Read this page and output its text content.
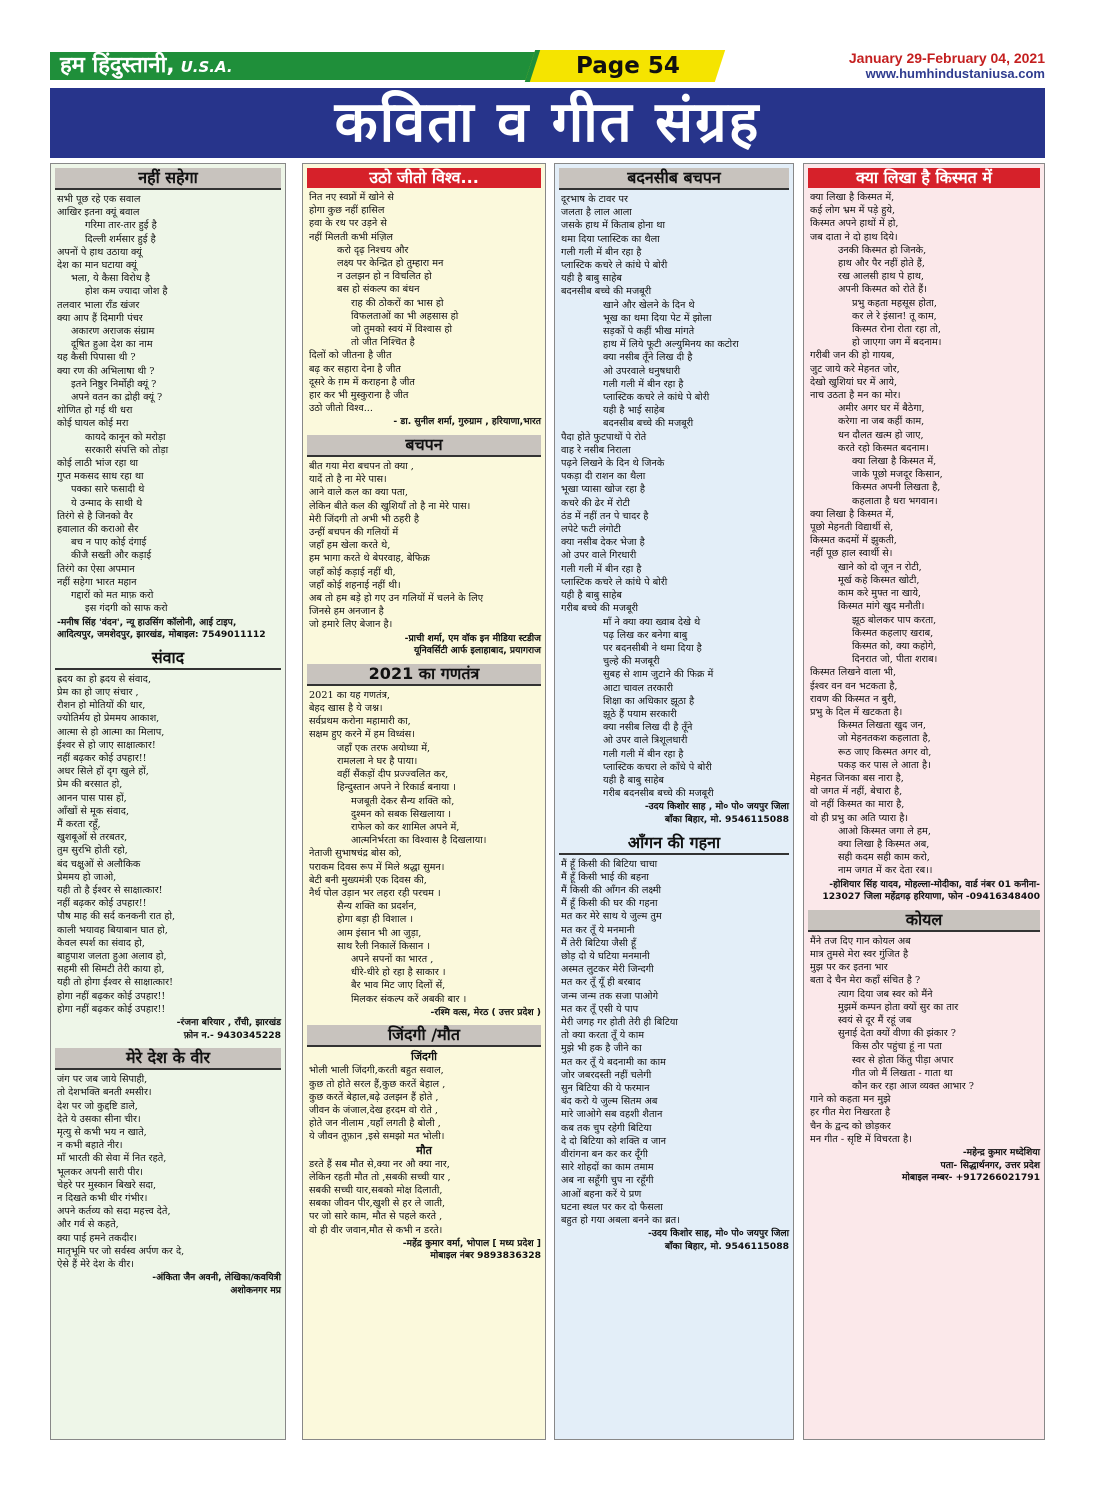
हम हिंदुस्तानी, U.S.A.	Page 54	January 29-February 04, 2021
www.humhindustaniusa.com
कविता व गीत संग्रह
नहीं सहेगा
सभी पूछ रहे एक सवाल
आखिर इतना क्यूं बवाल
गरिमा तार-तार हुई है
दिल्ली शर्मसार हुई है
अपनों पे हाथ उठाया क्यूं
देश का मान घटाया क्यूं
भला, ये कैसा विरोध है
होश कम ज्यादा जोश है
तलवार भाला राँड खंजर
क्या आप हैं दिमागी पंचर
अकारण अराजक संग्राम
दूषित हुआ देश का नाम
यह कैसी पिपासा थी ?
क्या रण की अभिलाषा थी ?
इतने निष्ठुर निर्मोही क्यूं ?
अपने वतन का द्रोही क्यूं ?
शोणित हो गई थी धरा
कोई घायल कोई मरा
कायदे कानून को मरोड़ा
सरकारी संपत्ति को तोड़ा
कोई लाठी भांज रहा था
गुप्त मकसद साध रहा था
पक्का सारे फसादी थे
ये उन्माद के साथी थे
तिरंगे से है जिनको वैर
हवालात की कराओ सैर
बच न पाए कोई दंगाई
कीजै सख्ती और कड़ाई
तिरंगे का ऐसा अपमान
नहीं सहेगा भारत महान
गद्दारों को मत माफ़ करो
इस गंदगी को साफ करो
-मनीष सिंह 'वंदन', न्यू हाउसिंग कॉलोनी, आई टाइप,
आदित्यपुर, जमशेदपुर, झारखंड, मोबाइल: 7549011112
संवाद
ह्रदय का हो ह्रदय से संवाद,
प्रेम का हो जाए संचार ,
रौशन हो मोतियों की धार,
ज्योतिर्मय हो प्रेममय आकाश,
आत्मा से हो आत्मा का मिलाप,
ईश्वर से हो जाए साक्षात्कार!
नहीं बढ़कर कोई उपहार!!
अधर सिले हों दृग खुले हों,
प्रेम की बरसात हो,
आनन पास पास हों,
आँखों से मूक संवाद,
मैं करता रहूँ,
खुशबूओं से तरबतर,
तुम सुरभि होती रहो,
बंद चक्षुओं से अलौकिक
प्रेममय हो जाओ,
यही तो है ईश्वर से साक्षात्कार!
नहीं बढ़कर कोई उपहार!!
पौष माह की सर्द कनकनी रात हो,
काली भयावह बियाबान घात हो,
केवल स्पर्श का संवाद हो,
बाहुपाश जलता हुआ अलाव हो,
सहमी सी सिमटी तेरी काया हो,
यही तो होगा ईश्वर से साक्षात्कार!
होगा नहीं बढ़कर कोई उपहार!!
होगा नहीं बढ़कर कोई उपहार!!
-रंजना बरियार , राँची, झारखंड
फ़ोन न.- 9430345228
मेरे देश के वीर
जंग पर जब जाये सिपाही,
तो देशभक्ति बनती श्मसीर।
देश पर जो कुद्दष्टि डाले,
देते ये उसका सीना चीर।
मृत्यु से कभी भय न खाते,
न कभी बहाते नीर।
माँ भारती की सेवा में नित रहते,
भूलकर अपनी सारी पीर।
चेहरे पर मुस्कान बिखरे सदा,
न दिखते कभी धीर गंभीर।
अपने कर्तव्य को सदा महत्त्व देते,
और गर्व से कहते,
क्या पाई हमने तकदीर।
मातृभूमि पर जो सर्वस्व अर्पण कर दे,
ऐसे हैं मेरे देश के वीर।
-अंकिता जैन अवनी, लेखिका/कवयित्री
अशोकनगर मप्र
उठो जीतो विश्व...
नित नए स्वप्नों में खोने से
होगा कुछ नहीं हासिल
हवा के रथ पर उड़ने से
नहीं मिलती कभी मंज़िल
करो दृढ़ निश्चय और
लक्ष्य पर केन्द्रित हो तुम्हारा मन
न उलझन हो न विचलित हो
बस हो संकल्प का बंधन
राह की ठोकरों का भास हो
विफलताओं का भी अहसास हो
जो तुमको स्वयं में विश्वास हो
तो जीत निश्चित है
दिलों को जीतना है जीत
बढ़ कर सहारा देना है जीत
दूसरे के ग़म में कराहना है जीत
हार कर भी मुस्कुराना है जीत
उठो जीतो विश्व...
- डा. सुनील शर्मा, गुरुग्राम , हरियाणा,भारत
बचपन
बीत गया मेरा बचपन तो क्या ,
यादें तो है ना मेरे पास।
आने वाले कल का क्या पता,
लेकिन बीते कल की खुशियाँ तो है ना मेरे पास।
मेरी जिंदगी तो अभी भी ठहरी है
उन्हीं बचपन की गलियों में
जहाँ हम खेला करते थे,
हम भागा करते थे बेपरवाह, बेफिक्र
जहाँ कोई कड़ाई नहीं थी,
जहाँ कोई शहनाई नहीं थी।
अब तो हम बड़े हो गए उन गलियों में चलने के लिए
जिनसे हम अनजान है
जो हमारे लिए बेजान है।
-प्राची शर्मा, एम वॉक इन मीडिया स्टडीज
यूनिवर्सिटी आर्फ इलाहाबाद, प्रयागराज
2021 का गणतंत्र
2021 का यह गणतंत्र,
बेहद खास है ये जश्न।
सर्वप्रथम करोना महामारी का,
सक्षम हुए करने में हम विध्वंस।
जहाँ एक तरफ अयोध्या में,
रामलला ने घर है पाया।
वहीं सैंकड़ों दीप प्रज्ज्वलित कर,
हिन्दुस्तान अपने ने रिकार्ड बनाया ।
मजबूती देकर सैन्य शक्ति को,
दुश्मन को सबक सिखलाया ।
राफेल को कर शामिल अपने में,
आत्मनिर्भरता का विश्वास है दिखलाया।
नेताजी सुभाषचंद्र बोस को,
पराकम दिवस रूप में मिले श्रद्धा सुमन।
बेटी बनी मुख्यमंत्री एक दिवस की,
नैर्थ पोल उड़ान भर लहरा रही परचम ।
सैन्य शक्ति का प्रदर्शन,
होगा बड़ा ही विशाल ।
आम इंसान भी आ जुड़ा,
साथ रैली निकालें किसान ।
अपने सपनों का भारत ,
धीरे-धीरे हो रहा है साकार ।
बैर भाव मिट जाए दिलों सें,
मिलकर संकल्प करें अबकी बार ।
-रश्मि वत्स, मेरठ ( उत्तर प्रदेश )
जिंदगी /मौत
जिंदगी
भोली भाली जिंदगी,करती बहुत सवाल,
कुछ तो होते सरल हैं,कुछ करतें बेहाल ,
कुछ करतें बेहाल,बढ़े उलझन हैं होते ,
जीवन के जंजाल,देख हरदम वो रोते ,
होते जन नीलाम ,यहाँ लगती है बोली ,
ये जीवन तूफ़ान ,इसे समझो मत भोली।
मौत
डरते हैं सब मौत से,क्या नर औ क्या नार,
लेकिन रहती मौत तो ,सबकी सच्ची यार ,
सबकी सच्ची यार,सबको मोक्ष दिलाती,
सबका जीवन पीर,खुशी से हर ले जाती,
पर जो सारे काम, मौत से पहले करते ,
वो ही वीर जवान,मौत से कभी न डरते।
-महेंद्र कुमार वर्मा, भोपाल [ मध्य प्रदेश ]
मोबाइल नंबर 9893836328
बदनसीब बचपन
दूरभाष के टावर पर
जलता है लाल आला
जसके हाथ में किताब होना था
थमा दिया प्लास्टिक का थैला
गली गली में बीन रहा है
प्लास्टिक कचरे ले कांधे पे बोरी
यही है बाबु साहेब
बदनसीब बच्चे की मजबूरी
खाने और खेलने के दिन थे
भूख का थमा दिया पेट में झोला
सड़कों पे कहीं भीख मांगते
हाथ में लिये फूटी अल्युमिनय का कटोरा
क्या नसीब तूँने लिख दी है
ओ उपरवाले धनुषधारी
गली गली में बीन रहा है
प्लास्टिक कचरे ले कांधे पे बोरी
यही है भाई साहेब
बदनसीब बच्चे की मजबूरी
पैदा होते फुटपाथों पे रोते
वाह रे नसीब निराला
पढ़ने लिखने के दिन थे जिनके
पकड़ा दी राशन का थैला
भूखा प्यासा खोज रहा है
कचरे की ढेर में रोटी
ठंड में नहीं तन पे चादर है
लपेटे फटी लंगोटी
क्या नसीब देकर भेजा है
ओ उपर वाले गिरधारी
गली गली में बीन रहा है
प्लास्टिक कचरे ले कांधे पे बोरी
यही है बाबु साहेब
गरीब बच्चे की मजबूरी
माँ ने क्या क्या ख्वाब देखे थे
पढ़ लिख कर बनेगा बाबु
पर बदनसीबी ने थमा दिया है
चुल्हे की मजबूरी
सुबह से शाम जुटाने की फिक्र में
आटा चावल तरकारी
शिक्षा का अधिकार झूठा है
झूठे हैं पयाम सरकारी
क्या नसीब लिख दी है तूँने
ओ उपर वाले त्रिशूलधारी
गली गली में बीन रहा है
प्लास्टिक कचरा ले काँधे पे बोरी
यही है बाबु साहेब
गरीब बदनसीब बच्चे की मजबूरी
-उदय किशोर साह , मो० पो० जयपुर जिला
बाँका बिहार, मो. 9546115088
आँगन की गहना
मैं हूँ किसी की बिटिया चाचा
मैं हूँ किसी भाई की बहना
मैं किसी की आँगन की लक्ष्मी
मैं हूँ किसी की घर की गहना
मत कर मेरे साथ ये जुल्म तुम
मत कर तूँ ये मनमानी
मैं तेरी बिटिया जैसी हूँ
छोड़ दो ये घटिया मनमानी
अस्मत लुटकर मेरी जिन्दगी
मत कर तूँ यूँ ही बरबाद
जन्म जन्म तक सजा पाओगे
मत कर तूँ एसी ये पाप
मेरी जगह गर होती तेरी ही बिटिया
तो क्या करता तूँ ये काम
मुझे भी हक है जीने का
मत कर तूँ ये बदनामी का काम
जोर जबरदस्ती नहीं चलेगी
सुन बिटिया की ये फरमान
बंद करो ये जुल्म सितम अब
मारे जाओगे सब वहशी शैतान
कब तक चुप रहेगी बिटिया
दे दो बिटिया को शक्ति व जान
वीरांगना बन कर कर दूँगी
सारे शोहदों का काम तमाम
अब ना सहूँगी चुप ना रहूँगी
आओं बहना करें ये प्रण
घटना स्थल पर कर दो फैसला
बहुत हो गया अबला बनने का ब्रत।
-उदय किशोर साह, मो० पो० जयपुर जिला
बाँका बिहार, मो. 9546115088
क्या लिखा है किस्मत में
क्या लिखा है किस्मत में,
कई लोग भ्रम में पड़े हुये,
किस्मत अपने हाथों में हो,
जब दाता ने दो हाथ दिये।
उनकी किस्मत हो जिनके,
हाथ और पैर नहीं होते हैं,
रख आलसी हाथ पे हाथ,
अपनी किस्मत को रोते हैं।
प्रभु कहता महसूस होता,
कर ले रे इंसान! तू काम,
किस्मत रोना रोता रहा तो,
हो जाएगा जग में बदनाम।
गरीबी जन की हो गायब,
जुट जाये करे मेहनत जोर,
देखो खुशियां घर में आये,
नाच उठता है मन का मोर।
अमीर अगर घर में बैठेगा,
करेगा ना जब कहीं काम,
धन दौलत खत्म हो जाए,
करते रहो किस्मत बदनाम।
क्या लिखा है किस्मत में,
जाके पूछो मजदूर किसान,
किस्मत अपनी लिखता है,
कहलाता है धरा भगवान।
क्या लिखा है किस्मत में,
पूछो मेहनती विद्यार्थी से,
किस्मत कदमों में झुकती,
नहीं पूछ हाल स्वार्थी से।
खाने को दो जून न रोटी,
मूर्ख कहे किस्मत खोटी,
काम करे मुफ्त ना खाये,
किस्मत मांगे खुद मनौती।
झूठ बोलकर पाप करता,
किस्मत कहलाए खराब,
किस्मत को, क्या कहोगे,
दिनरात जो, पीता शराब।
किस्मत लिखने वाला भी,
ईश्वर वन वन भटकता है,
रावण की किस्मत न बुरी,
प्रभु के दिल में खटकता है।
किस्मत लिखता खुद जन,
जो मेहनतकश कहलाता है,
रूठ जाए किस्मत अगर वो,
पकड़ कर पास ले आता है।
मेहनत जिनका बस नारा है,
वो जगत में नहीं, बेचारा है,
वो नहीं किस्मत का मारा है,
वो ही प्रभु का अति प्यारा है।
आओ किस्मत जगा ले हम,
क्या लिखा है किस्मत अब,
सही कदम सही काम करो,
नाम जगत में कर देता रब।।
-होशियार सिंह यादव, मोहल्ला-मोदीका, वार्ड नंबर 01 कनीना-
123027 जिला महेंद्रगढ़ हरियाणा, फोन -09416348400
कोयल
मैंने तज दिए गान कोयल अब
मात्र तुमसे मेरा स्वर गुंजित है
मुझ पर कर इतना भार
बता दे चैन मेरा कहाँ संचित है ?
त्याग दिया जब स्वर को मैंने
मुझमें कम्पन होता क्यों सुर का तार
स्वयं से दूर मैं रहूं जब
सुनाई देता क्यों वीणा की झंकार ?
किस ठौर पहुंचा हूं ना पता
स्वर से होता किंतु पीड़ा अपार
गीत जो मैं लिखता - गाता था
कौन कर रहा आज व्यक्त आभार ?
गाने को कहता मन मुझे
हर गीत मेरा निखरता है
चैन के द्वन्द को छोड़कर
मन गीत - सृष्टि में विचरता है।
-महेन्द्र कुमार मध्देशिया
पता- सिद्धार्थनगर, उत्तर प्रदेश
मोबाइल नम्बर- +917266021791
